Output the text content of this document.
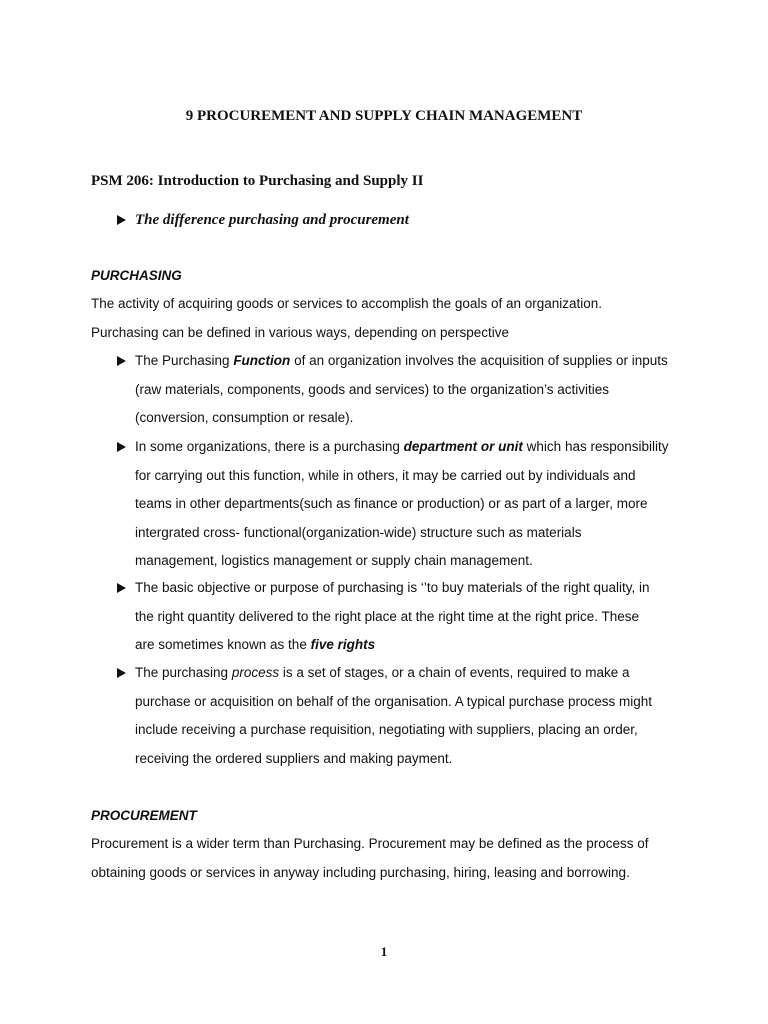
9 PROCUREMENT AND SUPPLY CHAIN MANAGEMENT
PSM 206: Introduction to Purchasing and Supply II
The difference purchasing and procurement
PURCHASING
The activity of acquiring goods or services to accomplish the goals of an organization.
Purchasing can be defined in various ways, depending on perspective
The Purchasing Function of an organization involves the acquisition of supplies or inputs
(raw materials, components, goods and services) to the organization’s activities
(conversion, consumption or resale).
In some organizations, there is a purchasing department or unit which has responsibility
for carrying out this function, while in others, it may be carried out by individuals and
teams in other departments(such as finance or production) or as part of a larger, more
intergrated cross- functional(organization-wide) structure such as materials
management, logistics management or supply chain management.
The basic objective or purpose of purchasing is ‘’to buy materials of the right quality, in
the right quantity delivered to the right place at the right time at the right price. These
are sometimes known as the five rights
The purchasing process is a set of stages, or a chain of events, required to make a
purchase or acquisition on behalf of the organisation. A typical purchase process might
include receiving a purchase requisition, negotiating with suppliers, placing an order,
receiving the ordered suppliers and making payment.
PROCUREMENT
Procurement is a wider term than Purchasing. Procurement may be defined as the process of
obtaining goods or services in anyway including purchasing, hiring, leasing and borrowing.
1
